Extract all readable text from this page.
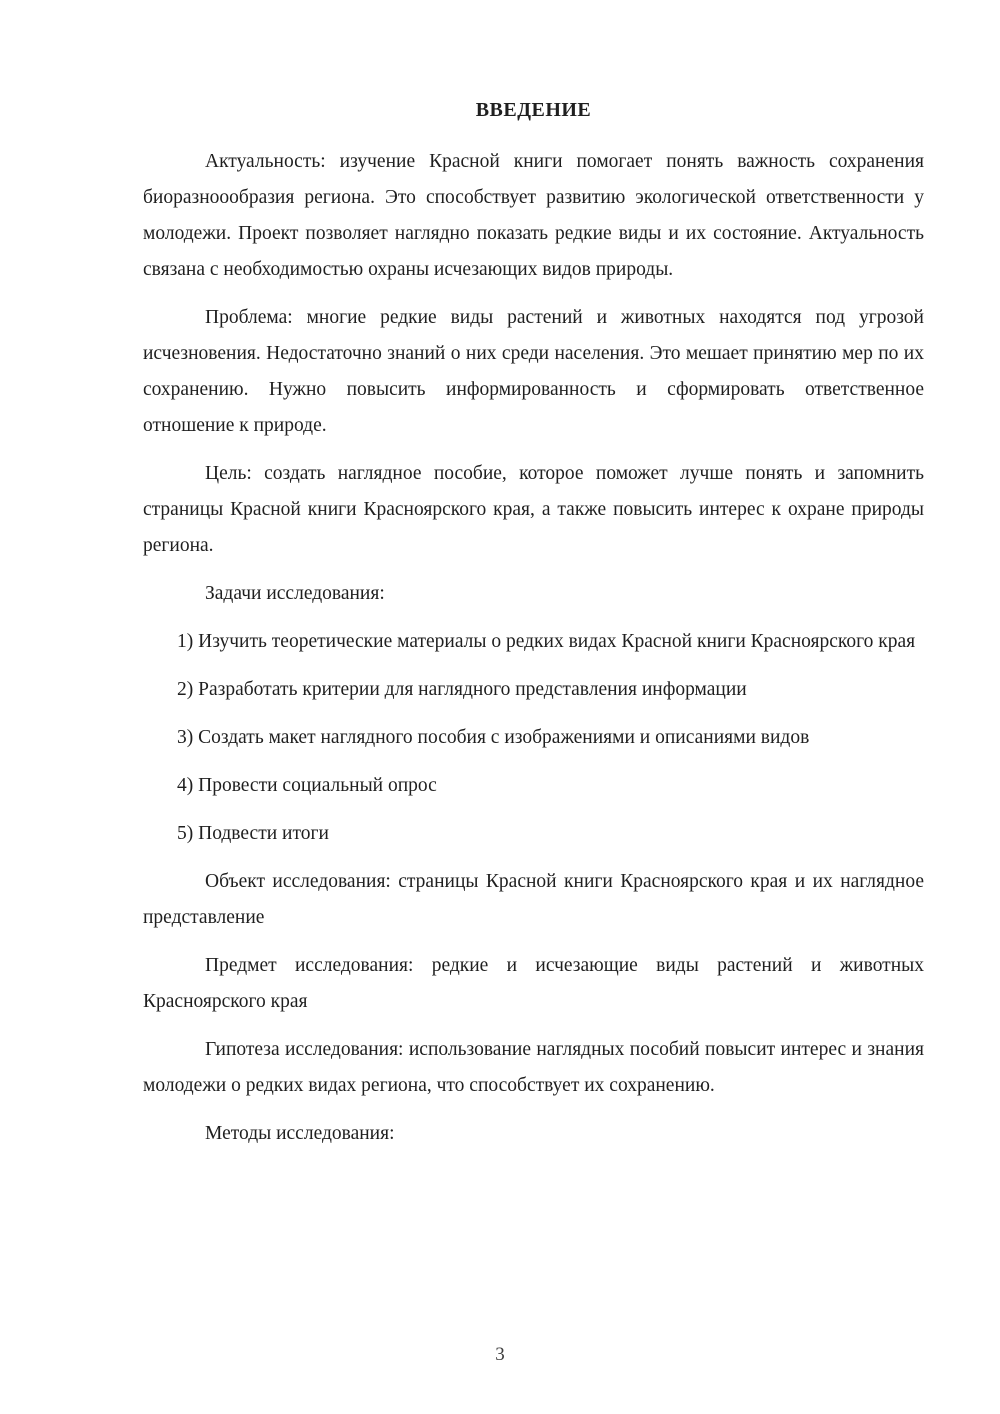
ВВЕДЕНИЕ

Актуальность: изучение Красной книги помогает понять важность сохранения биоразноообразия региона. Это способствует развитию экологической ответственности у молодежи. Проект позволяет наглядно показать редкие виды и их состояние. Актуальность связана с необходимостью охраны исчезающих видов природы.

Проблема: многие редкие виды растений и животных находятся под угрозой исчезновения. Недостаточно знаний о них среди населения. Это мешает принятию мер по их сохранению. Нужно повысить информированность и сформировать ответственное отношение к природе.

Цель: создать наглядное пособие, которое поможет лучше понять и запомнить страницы Красной книги Красноярского края, а также повысить интерес к охране природы региона.

Задачи исследования:

1) Изучить теоретические материалы о редких видах Красной книги Красноярского края

2) Разработать критерии для наглядного представления информации

3) Создать макет наглядного пособия с изображениями и описаниями видов

4) Провести социальный опрос

5) Подвести итоги

Объект исследования: страницы Красной книги Красноярского края и их наглядное представление

Предмет исследования: редкие и исчезающие виды растений и животных Красноярского края

Гипотеза исследования: использование наглядных пособий повысит интерес и знания молодежи о редких видах региона, что способствует их сохранению.

Методы исследования:

3
